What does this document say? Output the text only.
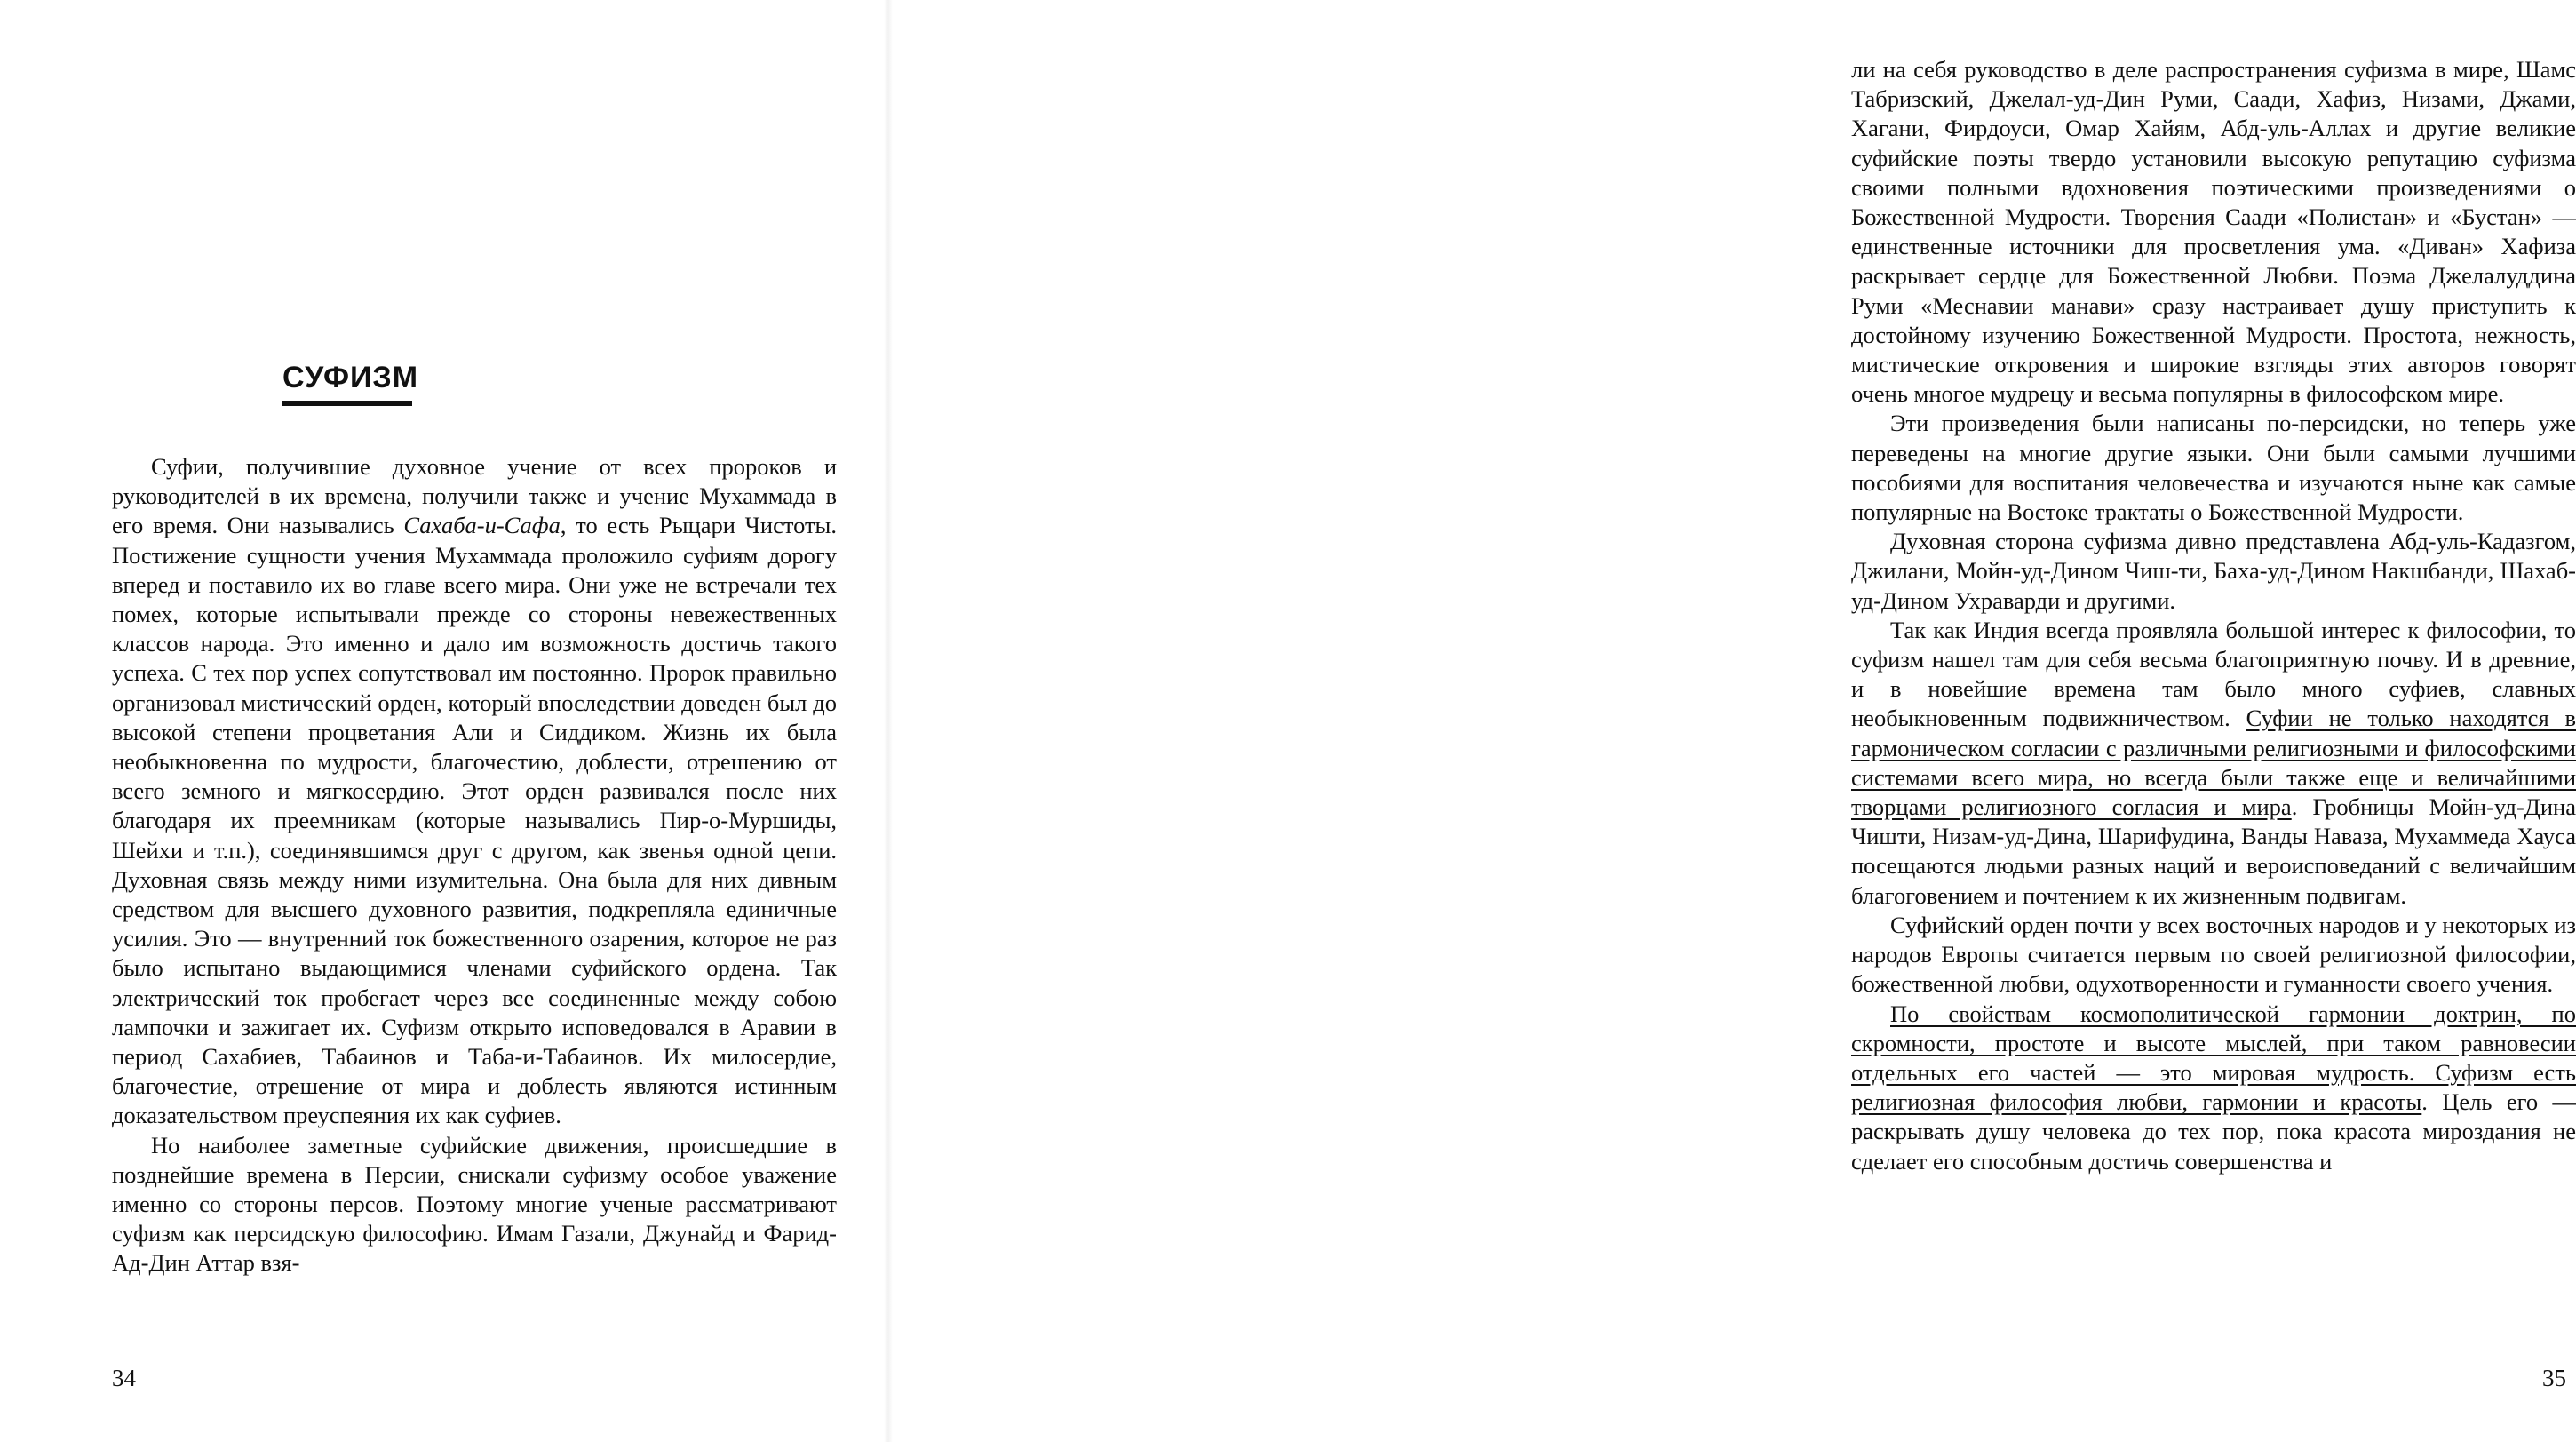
СУФИЗМ

Суфии, получившие духовное учение от всех пророков и руководителей в их времена, получили также и учение Мухаммада в его время. Они назывались Сахаба-и-Сафа, то есть Рыцари Чистоты. Постижение сущности учения Мухаммада проложило суфиям дорогу вперед и поставило их во главе всего мира. Они уже не встречали тех помех, которые испытывали прежде со стороны невежественных классов народа. Это именно и дало им возможность достичь такого успеха. С тех пор успех сопутствовал им постоянно. Пророк правильно организовал мистический орден, который впоследствии доведен был до высокой степени процветания Али и Сиддиком. Жизнь их была необыкновенна по мудрости, благочестию, доблести, отрешению от всего земного и мягкосердию. Этот орден развивался после них благодаря их преемникам (которые назывались Пир-о-Муршиды, Шейхи и т.п.), соединявшимся друг с другом, как звенья одной цепи. Духовная связь между ними изумительна. Она была для них дивным средством для высшего духовного развития, подкрепляла единичные усилия. Это — внутренний ток божественного озарения, которое не раз было испытано выдающимися членами суфийского ордена. Так электрический ток пробегает через все соединенные между собою лампочки и зажигает их. Суфизм открыто исповедовался в Аравии в период Сахабиев, Табаинов и Таба-и-Табаинов. Их милосердие, благочестие, отрешение от мира и доблесть являются истинным доказательством преуспеяния их как суфиев.

Но наиболее заметные суфийские движения, происшедшие в позднейшие времена в Персии, снискали суфизму особое уважение именно со стороны персов. Поэтому многие ученые рассматривают суфизм как персидскую философию. Имам Газали, Джунайд и Фарид-Ад-Дин Аттар взя-

34

ли на себя руководство в деле распространения суфизма в мире, Шамс Табризский, Джелал-уд-Дин Руми, Саади, Хафиз, Низами, Джами, Хагани, Фирдоуси, Омар Хайям, Абд-уль-Аллах и другие великие суфийские поэты твердо установили высокую репутацию суфизма своими полными вдохновения поэтическими произведениями о Божественной Мудрости. Творения Саади «Полистан» и «Бустан» — единственные источники для просветления ума. «Диван» Хафиза раскрывает сердце для Божественной Любви. Поэма Джелалуддина Руми «Меснавии манави» сразу настраивает душу приступить к достойному изучению Божественной Мудрости. Простота, нежность, мистические откровения и широкие взгляды этих авторов говорят очень многое мудрецу и весьма популярны в философском мире.

Эти произведения были написаны по-персидски, но теперь уже переведены на многие другие языки. Они были самыми лучшими пособиями для воспитания человечества и изучаются ныне как самые популярные на Востоке трактаты о Божественной Мудрости.

Духовная сторона суфизма дивно представлена Абд-уль-Кадазгом, Джилани, Мойн-уд-Дином Чиш-ти, Баха-уд-Дином Накшбанди, Шахаб-уд-Дином Ухраварди и другими.

Так как Индия всегда проявляла большой интерес к философии, то суфизм нашел там для себя весьма благоприятную почву. И в древние, и в новейшие времена там было много суфиев, славных необыкновенным подвижничеством. Суфии не только находятся в гармоническом согласии с различными религиозными и философскими системами всего мира, но всегда были также еще и величайшими творцами религиозного согласия и мира. Гробницы Мойн-уд-Дина Чишти, Низам-уд-Дина, Шарифудина, Ванды Наваза, Мухаммеда Хауса посещаются людьми разных наций и вероисповеданий с величайшим благоговением и почтением к их жизненным подвигам.

Суфийский орден почти у всех восточных народов и у некоторых из народов Европы считается первым по своей религиозной философии, божественной любви, одухотворенности и гуманности своего учения.

По свойствам космополитической гармонии доктрин, по скромности, простоте и высоте мыслей, при таком равновесии отдельных его частей — это мировая мудрость. Суфизм есть религиозная философия любви, гармонии и красоты. Цель его — раскрывать душу человека до тех пор, пока красота мироздания не сделает его способным достичь совершенства и

35
